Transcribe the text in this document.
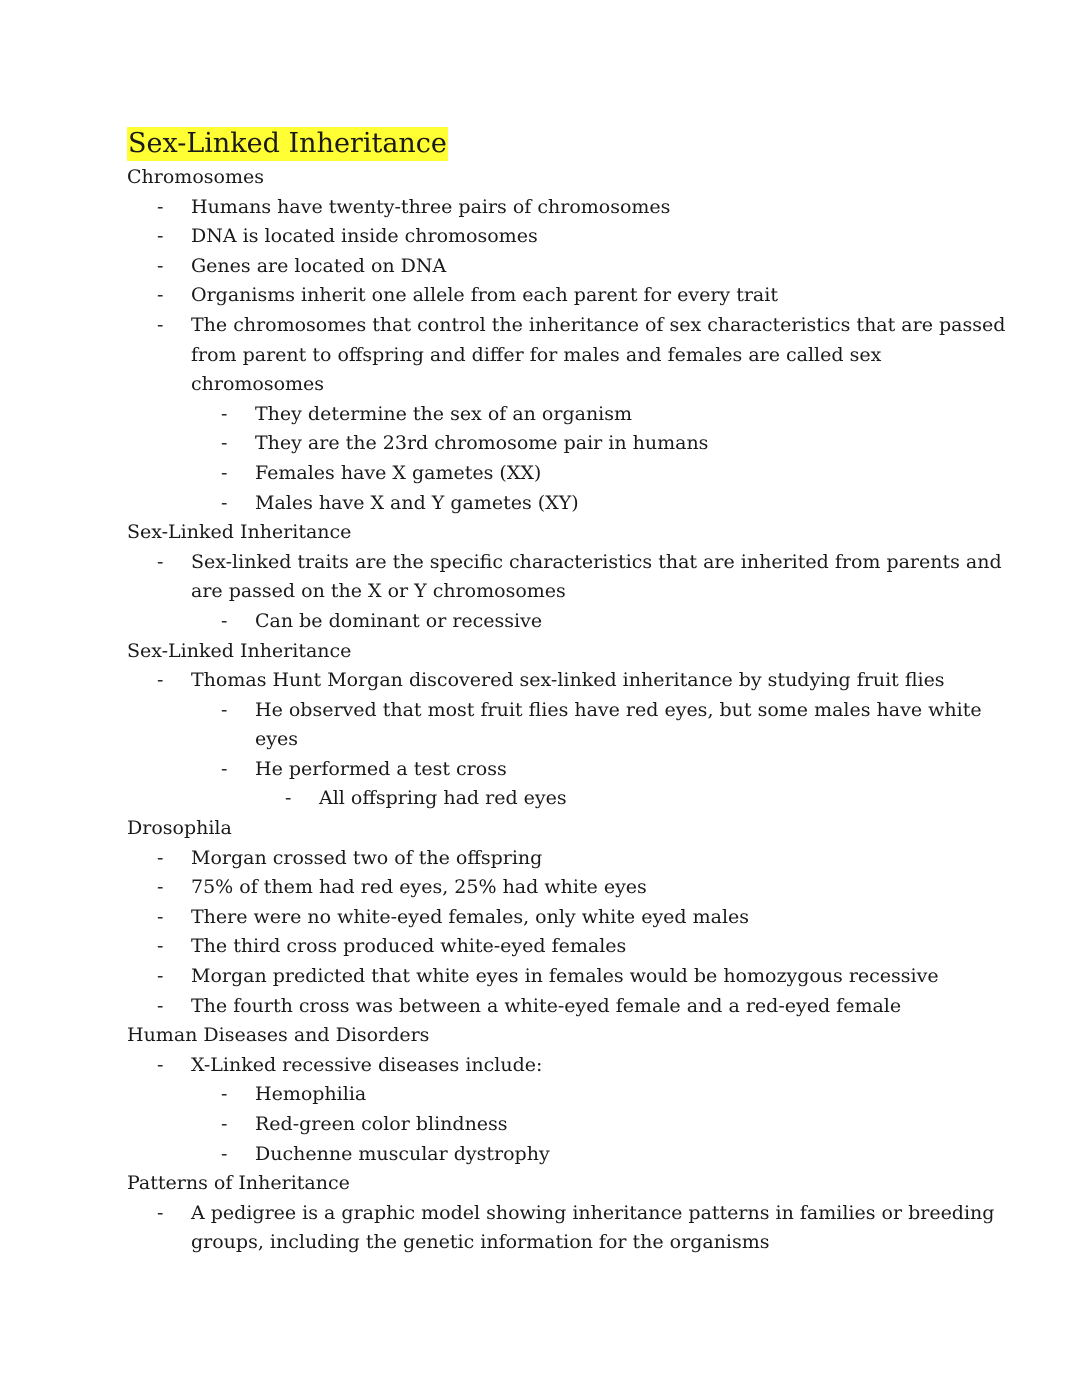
Sex-Linked Inheritance
Chromosomes
- Humans have twenty-three pairs of chromosomes
- DNA is located inside chromosomes
- Genes are located on DNA
- Organisms inherit one allele from each parent for every trait
- The chromosomes that control the inheritance of sex characteristics that are passed from parent to offspring and differ for males and females are called sex chromosomes
- They determine the sex of an organism
- They are the 23rd chromosome pair in humans
- Females have X gametes (XX)
- Males have X and Y gametes (XY)
Sex-Linked Inheritance
- Sex-linked traits are the specific characteristics that are inherited from parents and are passed on the X or Y chromosomes
- Can be dominant or recessive
Sex-Linked Inheritance
- Thomas Hunt Morgan discovered sex-linked inheritance by studying fruit flies
- He observed that most fruit flies have red eyes, but some males have white eyes
- He performed a test cross
- All offspring had red eyes
Drosophila
- Morgan crossed two of the offspring
- 75% of them had red eyes, 25% had white eyes
- There were no white-eyed females, only white eyed males
- The third cross produced white-eyed females
- Morgan predicted that white eyes in females would be homozygous recessive
- The fourth cross was between a white-eyed female and a red-eyed female
Human Diseases and Disorders
- X-Linked recessive diseases include:
- Hemophilia
- Red-green color blindness
- Duchenne muscular dystrophy
Patterns of Inheritance
- A pedigree is a graphic model showing inheritance patterns in families or breeding groups, including the genetic information for the organisms
